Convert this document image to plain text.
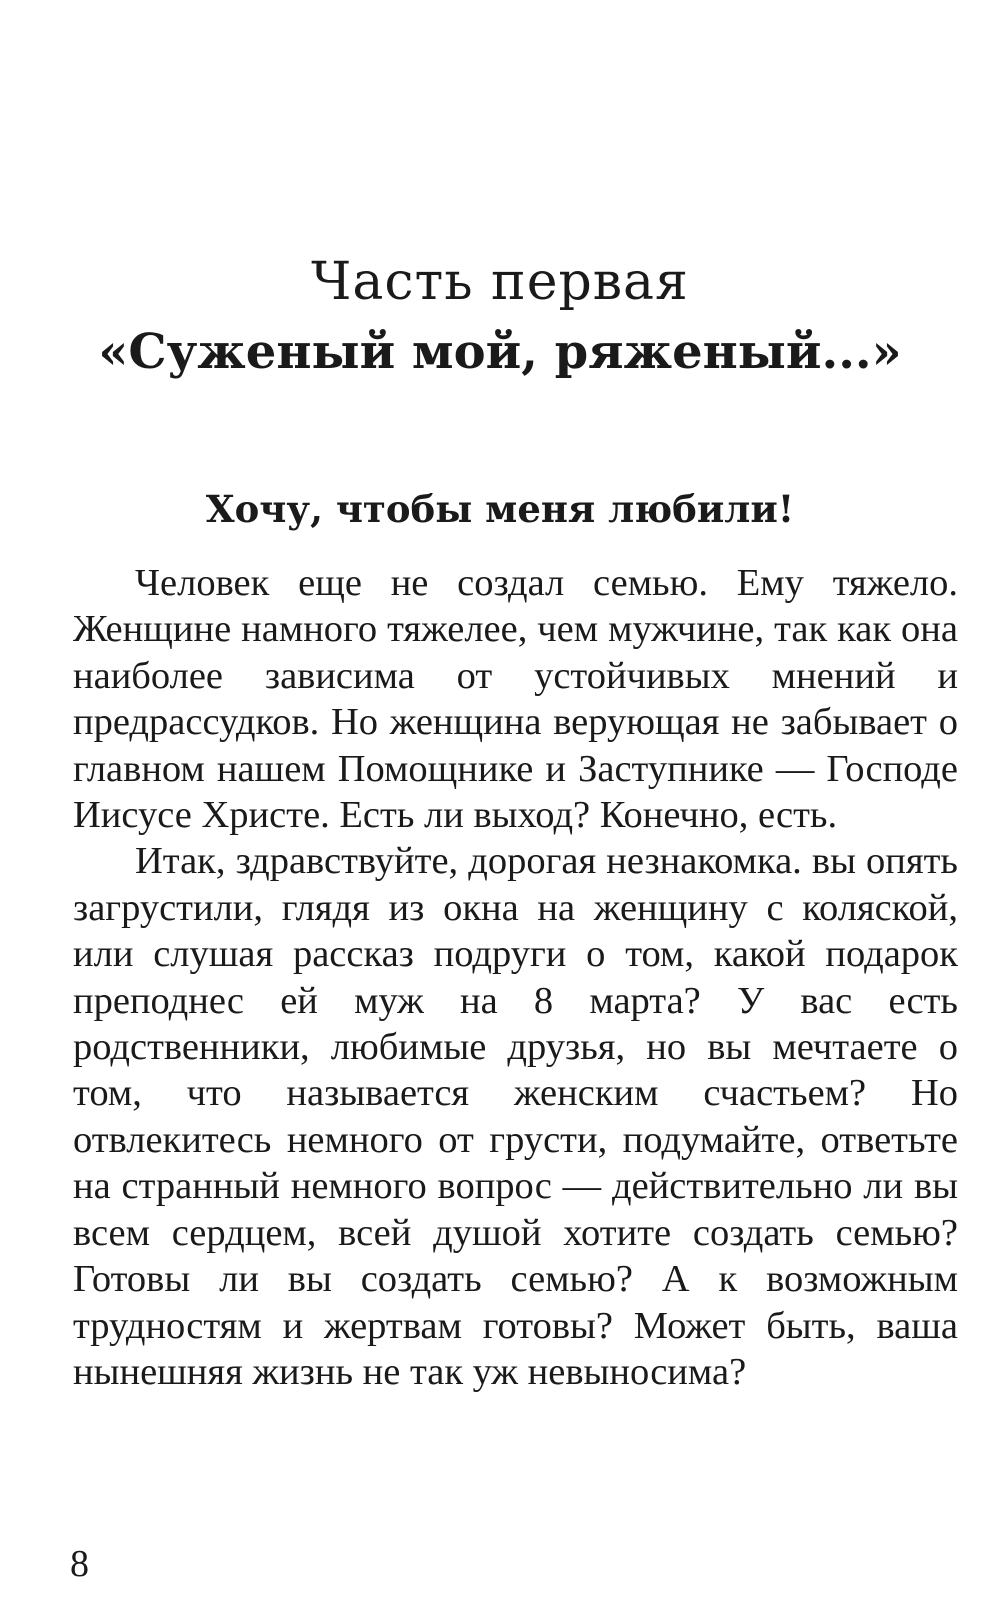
Часть первая
«Суженый мой, ряженый...»
Хочу, чтобы меня любили!

Человек еще не создал семью. Ему тяжело. Женщине намного тяжелее, чем мужчине, так как она наиболее зависима от устойчивых мнений и предрассудков. Но женщина верующая не забывает о главном нашем Помощнике и Заступнике — Господе Иисусе Христе. Есть ли выход? Конечно, есть.

Итак, здравствуйте, дорогая незнакомка. вы опять загрустили, глядя из окна на женщину с коляской, или слушая рассказ подруги о том, какой подарок преподнес ей муж на 8 марта? У вас есть родственники, любимые друзья, но вы мечтаете о том, что называется женским счастьем? Но отвлекитесь немного от грусти, подумайте, ответьте на странный немного вопрос — действительно ли вы всем сердцем, всей душой хотите создать семью? Готовы ли вы создать семью? А к возможным трудностям и жертвам готовы? Может быть, ваша нынешняя жизнь не так уж невыносима?

8
